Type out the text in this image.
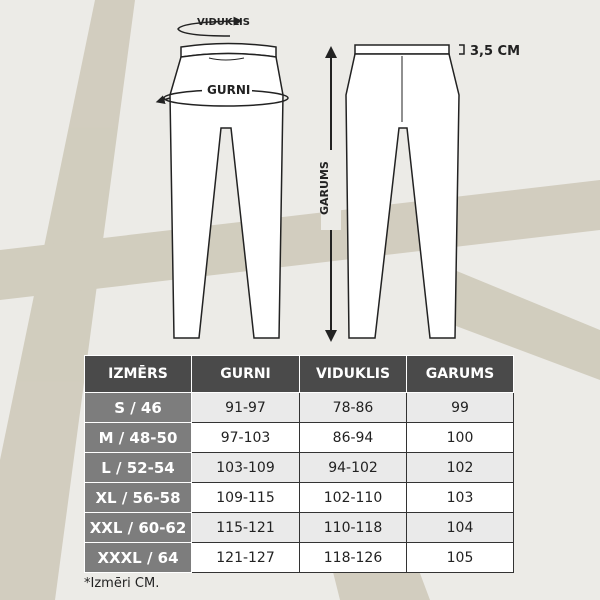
VIDUKLIS
GURNI
3,5 CM
GARUMS
IZMĒRS	GURNI	VIDUKLIS	GARUMS
S / 46	91-97	78-86	99
M / 48-50	97-103	86-94	100
L / 52-54	103-109	94-102	102
XL / 56-58	109-115	102-110	103
XXL / 60-62	115-121	110-118	104
XXXL / 64	121-127	118-126	105
*Izmēri CM.
